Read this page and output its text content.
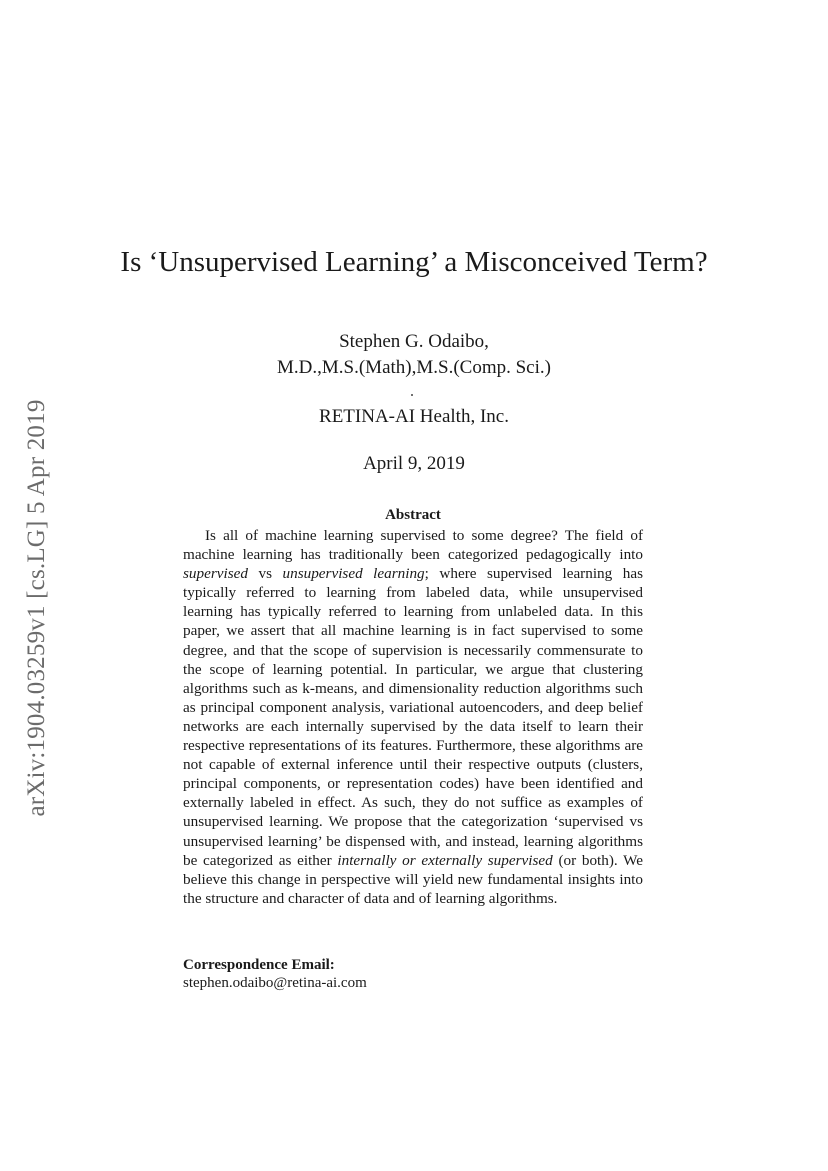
arXiv:1904.03259v1 [cs.LG] 5 Apr 2019
Is ‘Unsupervised Learning’ a Misconceived Term?
Stephen G. Odaibo,
M.D.,M.S.(Math),M.S.(Comp. Sci.)
RETINA-AI Health, Inc.
April 9, 2019
Abstract

Is all of machine learning supervised to some degree? The field of machine learning has traditionally been categorized pedagogically into supervised vs unsupervised learning; where supervised learning has typically referred to learning from labeled data, while unsupervised learning has typically referred to learning from unlabeled data. In this paper, we assert that all machine learning is in fact supervised to some degree, and that the scope of supervision is necessarily commensurate to the scope of learning potential. In particular, we argue that clustering algorithms such as k-means, and dimensionality reduction algorithms such as principal component analysis, variational autoencoders, and deep belief networks are each internally supervised by the data itself to learn their respective representations of its features. Furthermore, these algorithms are not capable of external inference until their respective outputs (clusters, principal components, or representation codes) have been identified and externally labeled in effect. As such, they do not suffice as examples of unsupervised learning. We propose that the categorization ‘supervised vs unsupervised learning’ be dispensed with, and instead, learning algorithms be categorized as either internally or externally supervised (or both). We believe this change in perspective will yield new fundamental insights into the structure and character of data and of learning algorithms.

Correspondence Email:
stephen.odaibo@retina-ai.com
